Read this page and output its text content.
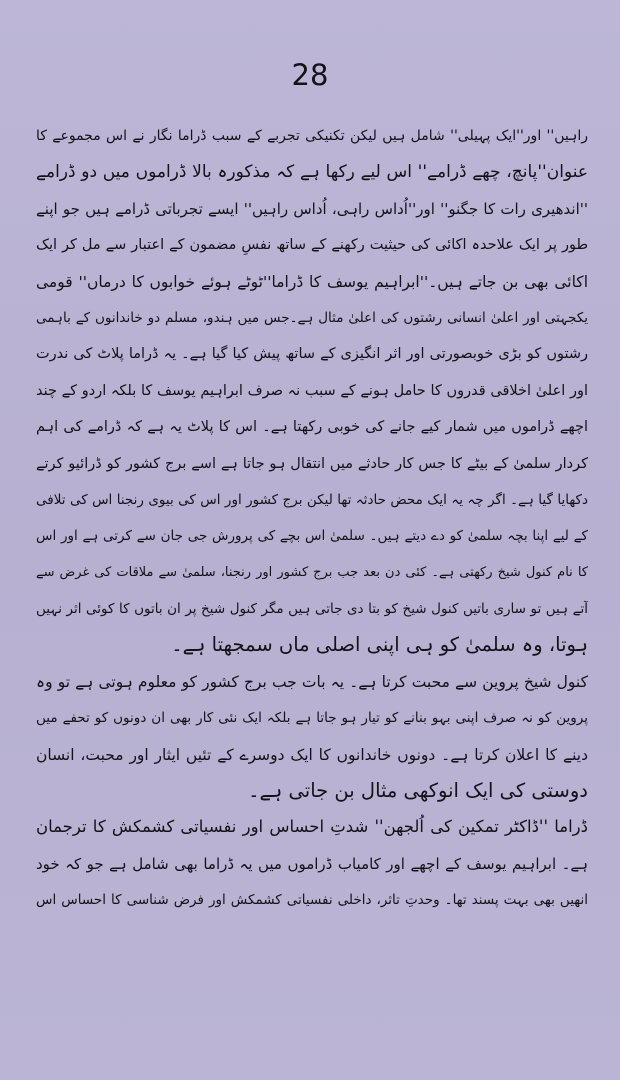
28
راہیں'' اور''ایک پہیلی'' شامل ہیں لیکن تکنیکی تجربے کے سبب ڈراما نگار نے اس مجموعے کا
عنوان''پانچ، چھے ڈرامے'' اس لیے رکھا ہے کہ مذکورہ بالا ڈراموں میں دو ڈرامے
''اندھیری رات کا جگنو'' اور''اُداس راہی، اُداس راہیں'' ایسے تجرباتی ڈرامے ہیں جو اپنے
طور پر ایک علاحدہ اکائی کی حیثیت رکھنے کے ساتھ نفسِ مضمون کے اعتبار سے مل کر ایک
اکائی بھی بن جاتے ہیں۔''ابراہیم یوسف کا ڈراما''ٹوٹے ہوئے خوابوں کا درماں'' قومی
یکجہتی اور اعلیٰ انسانی رشتوں کی اعلیٰ مثال ہے۔جس میں ہندو، مسلم دو خاندانوں کے باہمی
رشتوں کو بڑی خوبصورتی اور اثر انگیزی کے ساتھ پیش کیا گیا ہے۔ یہ ڈراما پلاٹ کی ندرت
اور اعلیٰ اخلاقی قدروں کا حامل ہونے کے سبب نہ صرف ابراہیم یوسف کا بلکہ اردو کے چند
اچھے ڈراموں میں شمار کیے جانے کی خوبی رکھتا ہے۔ اس کا پلاٹ یہ ہے کہ ڈرامے کی اہم
کردار سلمیٰ کے بیٹے کا جس کار حادثے میں انتقال ہو جاتا ہے اسے برج کشور کو ڈرائیو کرتے
دکھایا گیا ہے۔ اگر چہ یہ ایک محض حادثہ تھا لیکن برج کشور اور اس کی بیوی رنجنا اس کی تلافی
کے لیے اپنا بچہ سلمیٰ کو دے دیتے ہیں۔ سلمیٰ اس بچے کی پرورش جی جان سے کرتی ہے اور اس
کا نام کنول شیخ رکھتی ہے۔ کئی دن بعد جب برج کشور اور رنجنا، سلمیٰ سے ملاقات کی غرض سے
آتے ہیں تو ساری باتیں کنول شیخ کو بتا دی جاتی ہیں مگر کنول شیخ پر ان باتوں کا کوئی اثر نہیں
ہوتا، وہ سلمیٰ کو ہی اپنی اصلی ماں سمجھتا ہے۔
کنول شیخ پروین سے محبت کرتا ہے۔ یہ بات جب برج کشور کو معلوم ہوتی ہے تو وہ
پروین کو نہ صرف اپنی بہو بنانے کو تیار ہو جاتا ہے بلکہ ایک نئی کار بھی ان دونوں کو تحفے میں
دینے کا اعلان کرتا ہے۔ دونوں خاندانوں کا ایک دوسرے کے تئیں ایثار اور محبت، انسان
دوستی کی ایک انوکھی مثال بن جاتی ہے۔
ڈراما ''ڈاکٹر تمکین کی اُلجھن'' شدتِ احساس اور نفسیاتی کشمکش کا ترجمان
ہے۔ ابراہیم یوسف کے اچھے اور کامیاب ڈراموں میں یہ ڈراما بھی شامل ہے جو کہ خود
انھیں بھی بہت پسند تھا۔ وحدتِ تاثر، داخلی نفسیاتی کشمکش اور فرض شناسی کا احساس اس
